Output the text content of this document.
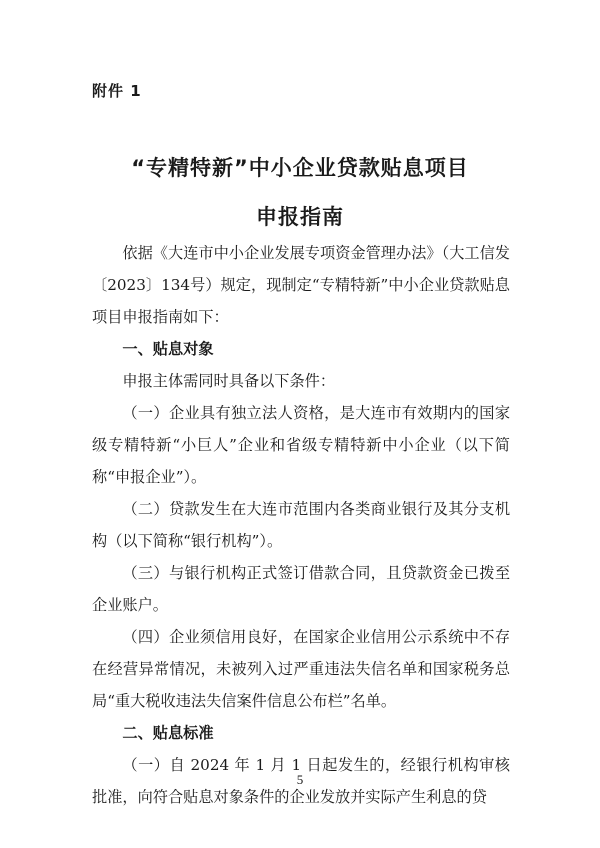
附件 1
“专精特新”中小企业贷款贴息项目
申报指南

依据《大连市中小企业发展专项资金管理办法》（大工信发〔2023〕134号）规定，现制定“专精特新”中小企业贷款贴息项目申报指南如下：

一、贴息对象

申报主体需同时具备以下条件：

（一）企业具有独立法人资格，是大连市有效期内的国家级专精特新“小巨人”企业和省级专精特新中小企业（以下简称“申报企业”）。

（二）贷款发生在大连市范围内各类商业银行及其分支机构（以下简称“银行机构”）。

（三）与银行机构正式签订借款合同，且贷款资金已拨至企业账户。

（四）企业须信用良好，在国家企业信用公示系统中不存在经营异常情况，未被列入过严重违法失信名单和国家税务总局“重大税收违法失信案件信息公布栏”名单。

二、贴息标准

（一）自 2024 年 1 月 1 日起发生的，经银行机构审核批准，向符合贴息对象条件的企业发放并实际产生利息的贷

5
